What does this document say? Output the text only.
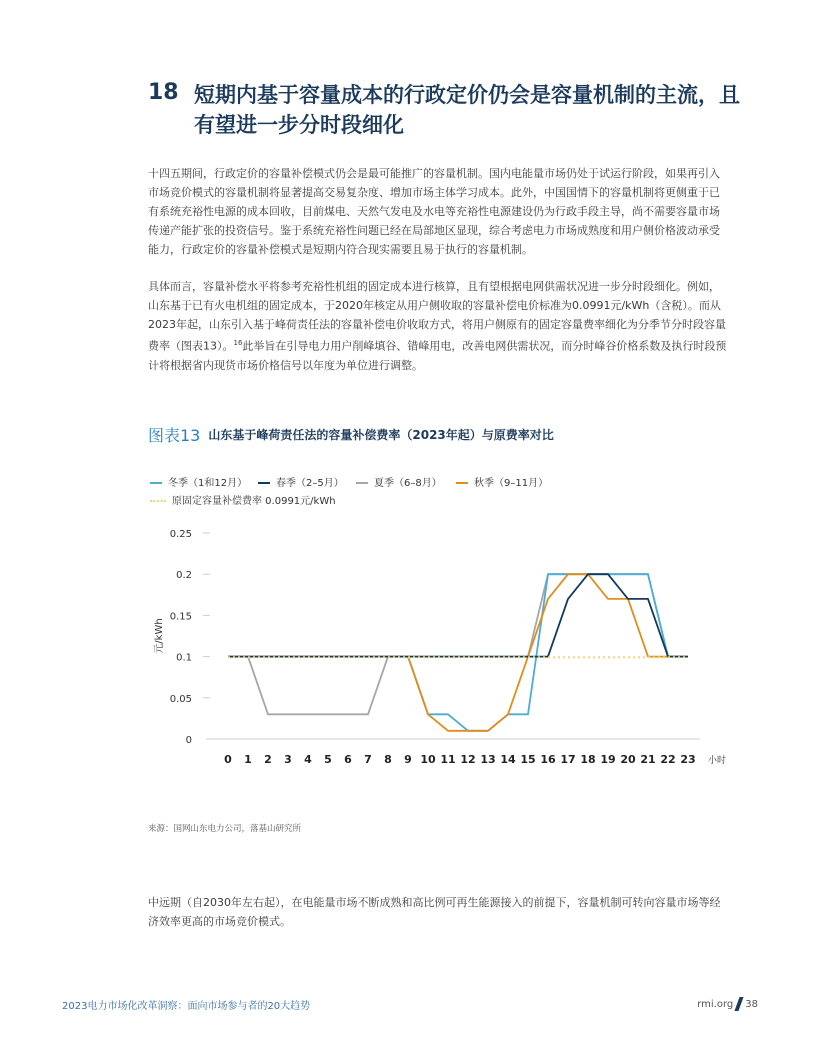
18 短期内基于容量成本的行政定价仍会是容量机制的主流，且有望进一步分时段细化

十四五期间，行政定价的容量补偿模式仍会是最可能推广的容量机制。国内电能量市场仍处于试运行阶段，如果再引入市场竞价模式的容量机制将显著提高交易复杂度、增加市场主体学习成本。此外，中国国情下的容量机制将更侧重于已有系统充裕性电源的成本回收，目前煤电、天然气发电及水电等充裕性电源建设仍为行政手段主导，尚不需要容量市场传递产能扩张的投资信号。鉴于系统充裕性问题已经在局部地区显现，综合考虑电力市场成熟度和用户侧价格波动承受能力，行政定价的容量补偿模式是短期内符合现实需要且易于执行的容量机制。

具体而言，容量补偿水平将参考充裕性机组的固定成本进行核算，且有望根据电网供需状况进一步分时段细化。例如，山东基于已有火电机组的固定成本，于2020年核定从用户侧收取的容量补偿电价标准为0.0991元/kWh（含税）。而从2023年起，山东引入基于峰荷责任法的容量补偿电价收取方式，将用户侧原有的固定容量费率细化为分季节分时段容量费率（图表13）。$^{16}$此举旨在引导电力用户削峰填谷、错峰用电，改善电网供需状况，而分时峰谷价格系数及执行时段预计将根据省内现货市场价格信号以年度为单位进行调整。

图表13 山东基于峰荷责任法的容量补偿费率（2023年起）与原费率对比
冬季（1和12月）	春季（2–5月）	夏季（6–8月）	秋季（9–11月）
原固定容量补偿费率 0.0991元/kWh
0
0.05
0.1
0.15
0.2
0.25
0 1 2 3 4 5 6 7 8 9 10 11 12 13 14 15 16 17 18 19 20 21 22 23
元/kWh
小时
来源：国网山东电力公司，落基山研究所

中远期（自2030年左右起），在电能量市场不断成熟和高比例可再生能源接入的前提下，容量机制可转向容量市场等经济效率更高的市场竞价模式。

2023电力市场化改革洞察：面向市场参与者的20大趋势	rmi.org 38
